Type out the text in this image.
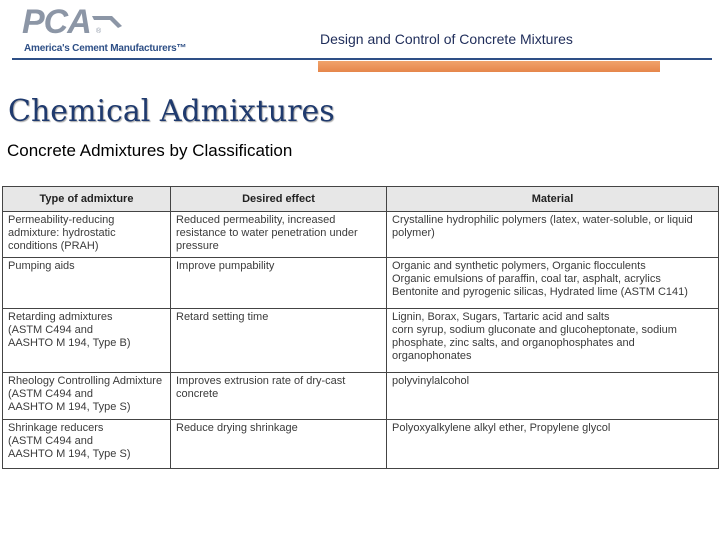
PCA ®
America's Cement Manufacturers™
Design and Control of Concrete Mixtures
Chemical Admixtures
Concrete Admixtures by Classification
Type of admixture	Desired effect	Material

Permeability-reducing
admixture: hydrostatic
conditions (PRAH)	Reduced permeability, increased
resistance to water penetration under
pressure	Crystalline hydrophilic polymers (latex, water-soluble, or liquid
polymer)

Pumping aids	Improve pumpability	Organic and synthetic polymers, Organic flocculents
Organic emulsions of paraffin, coal tar, asphalt, acrylics
Bentonite and pyrogenic silicas, Hydrated lime (ASTM C141)

Retarding admixtures
(ASTM C494 and
AASHTO M 194, Type B)	Retard setting time	Lignin, Borax, Sugars, Tartaric acid and salts
corn syrup, sodium gluconate and glucoheptonate, sodium
phosphate, zinc salts, and organophosphates and
organophonates

Rheology Controlling Admixture
(ASTM C494 and
AASHTO M 194, Type S)	Improves extrusion rate of dry-cast
concrete	polyvinylalcohol

Shrinkage reducers
(ASTM C494 and
AASHTO M 194, Type S)	Reduce drying shrinkage	Polyoxyalkylene alkyl ether, Propylene glycol
